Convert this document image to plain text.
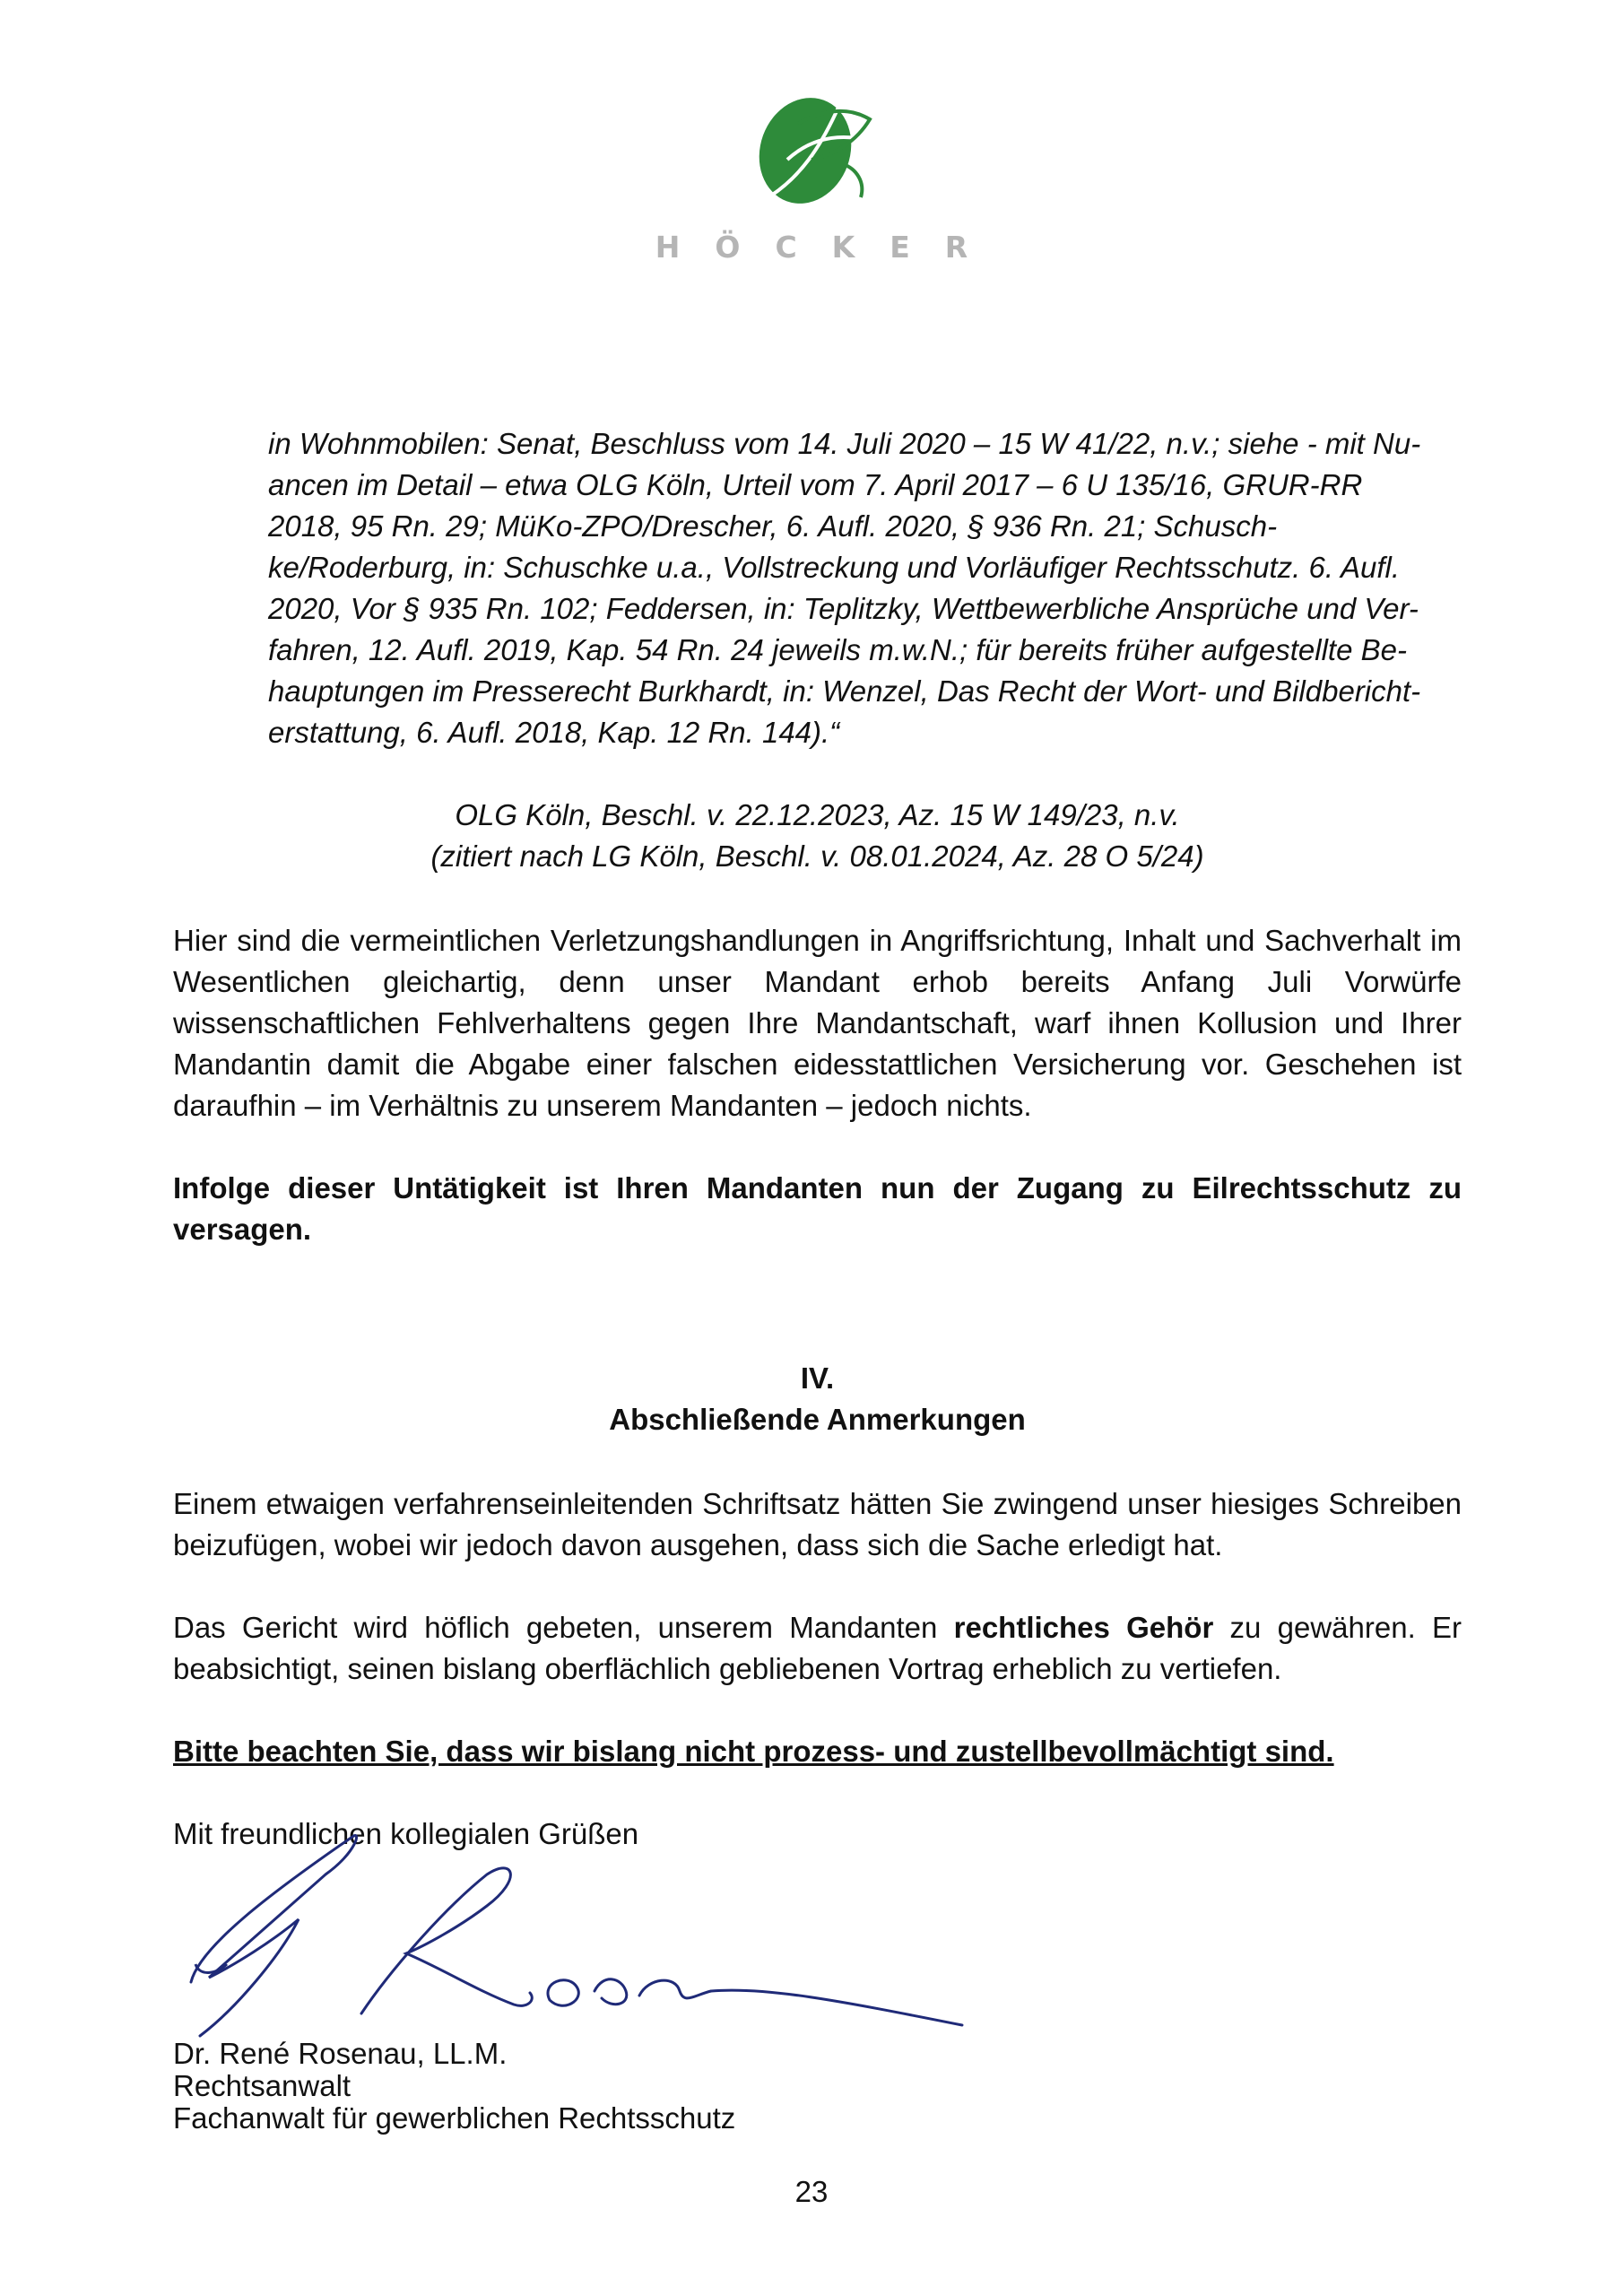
HÖCKER
in Wohnmobilen: Senat, Beschluss vom 14. Juli 2020 – 15 W 41/22, n.v.; siehe - mit Nu-
ancen im Detail – etwa OLG Köln, Urteil vom 7. April 2017 – 6 U 135/16, GRUR-RR
2018, 95 Rn. 29; MüKo-ZPO/Drescher, 6. Aufl. 2020, § 936 Rn. 21; Schusch-
ke/Roderburg, in: Schuschke u.a., Vollstreckung und Vorläufiger Rechtsschutz. 6. Aufl.
2020, Vor § 935 Rn. 102; Feddersen, in: Teplitzky, Wettbewerbliche Ansprüche und Ver-
fahren, 12. Aufl. 2019, Kap. 54 Rn. 24 jeweils m.w.N.; für bereits früher aufgestellte Be-
hauptungen im Presserecht Burkhardt, in: Wenzel, Das Recht der Wort- und Bildbericht-
erstattung, 6. Aufl. 2018, Kap. 12 Rn. 144).“
OLG Köln, Beschl. v. 22.12.2023, Az. 15 W 149/23, n.v.
(zitiert nach LG Köln, Beschl. v. 08.01.2024, Az. 28 O 5/24)

Hier sind die vermeintlichen Verletzungshandlungen in Angriffsrichtung, Inhalt und Sachverhalt im Wesentlichen gleichartig, denn unser Mandant erhob bereits Anfang Juli Vorwürfe wissenschaftlichen Fehlverhaltens gegen Ihre Mandantschaft, warf ihnen Kollusion und Ihrer Mandantin damit die Abgabe einer falschen eidesstattlichen Versicherung vor. Geschehen ist daraufhin – im Verhältnis zu unserem Mandanten – jedoch nichts.

Infolge dieser Untätigkeit ist Ihren Mandanten nun der Zugang zu Eilrechtsschutz zu versagen.

IV.
Abschließende Anmerkungen

Einem etwaigen verfahrenseinleitenden Schriftsatz hätten Sie zwingend unser hiesiges Schreiben beizufügen, wobei wir jedoch davon ausgehen, dass sich die Sache erledigt hat.

Das Gericht wird höflich gebeten, unserem Mandanten rechtliches Gehör zu gewähren. Er beabsichtigt, seinen bislang oberflächlich gebliebenen Vortrag erheblich zu vertiefen.

Bitte beachten Sie, dass wir bislang nicht prozess- und zustellbevollmächtigt sind.

Mit freundlichen kollegialen Grüßen

Dr. René Rosenau, LL.M.
Rechtsanwalt
Fachanwalt für gewerblichen Rechtsschutz
23
